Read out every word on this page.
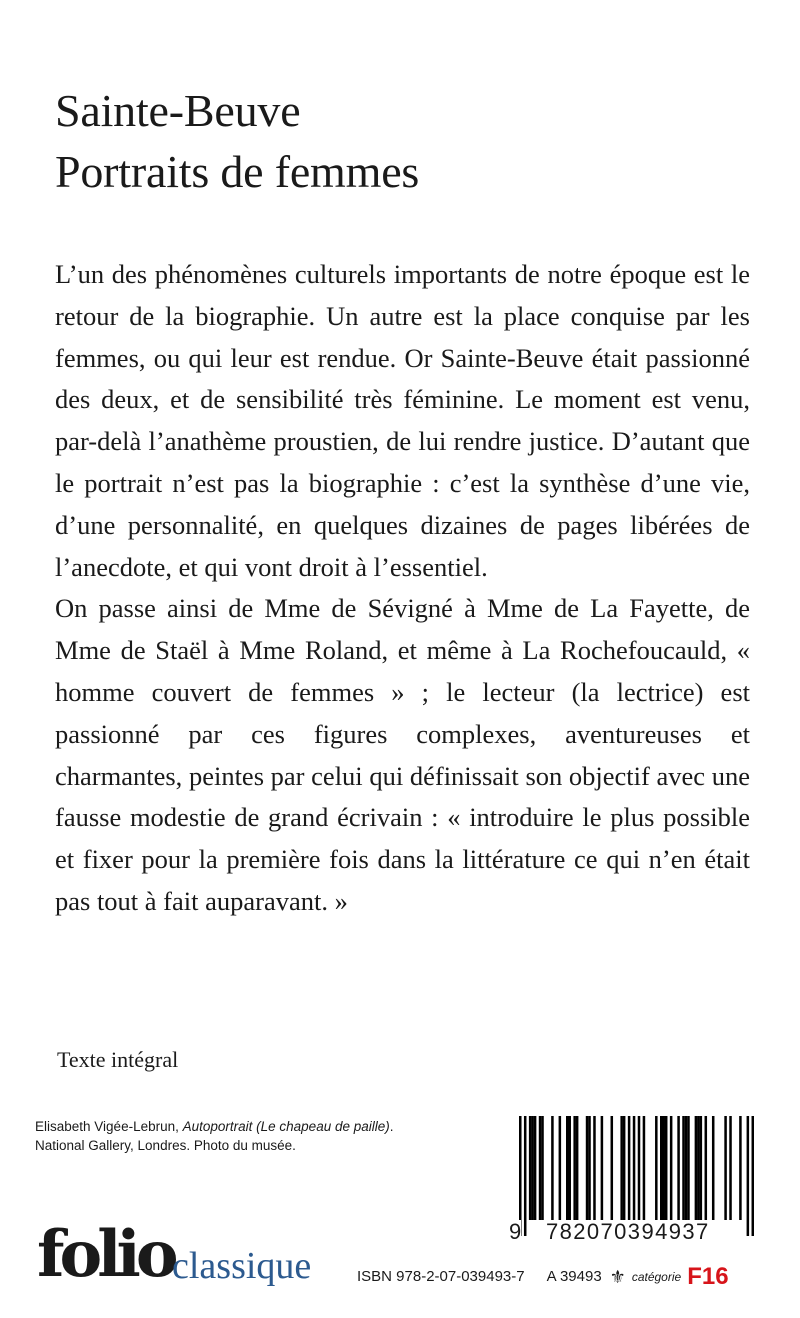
Sainte-Beuve
Portraits de femmes

L’un des phénomènes culturels importants de notre époque est le retour de la biographie. Un autre est la place conquise par les femmes, ou qui leur est rendue. Or Sainte-Beuve était passionné des deux, et de sensibilité très féminine. Le moment est venu, par-delà l’anathème proustien, de lui rendre justice. D’autant que le portrait n’est pas la biographie : c’est la synthèse d’une vie, d’une personnalité, en quelques dizaines de pages libérées de l’anecdote, et qui vont droit à l’essentiel.

On passe ainsi de Mme de Sévigné à Mme de La Fayette, de Mme de Staël à Mme Roland, et même à La Rochefoucauld, « homme couvert de femmes » ; le lecteur (la lectrice) est passionné par ces figures complexes, aventureuses et charmantes, peintes par celui qui définissait son objectif avec une fausse modestie de grand écrivain : « introduire le plus possible et fixer pour la première fois dans la littérature ce qui n’en était pas tout à fait auparavant. »

Texte intégral
Elisabeth Vigée-Lebrun, Autoportrait (Le chapeau de paille).
National Gallery, Londres. Photo du musée.
9 782070394937
folio
classique	ISBN 978-2-07-039493-7 A 39493 ⚜ catégorie F16
